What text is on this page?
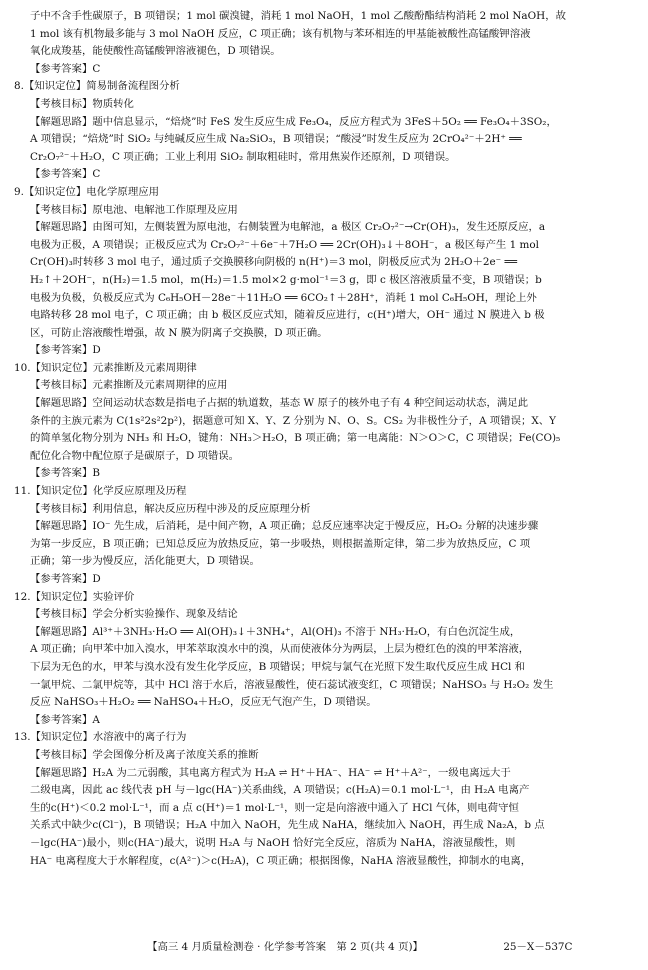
子中不含手性碳原子，B 项错误；1 mol 碳溴键，消耗 1 mol NaOH，1 mol 乙酸酚酯结构消耗 2 mol NaOH，故
1 mol 该有机物最多能与 3 mol NaOH 反应，C 项正确；该有机物与苯环相连的甲基能被酸性高锰酸钾溶液
氧化成羧基，能使酸性高锰酸钾溶液褪色，D 项错误。
【参考答案】C
8.【知识定位】简易制备流程图分析
【考核目标】物质转化
【解题思路】题中信息显示，“焙烧”时 FeS 发生反应生成 Fe₃O₄，反应方程式为 3FeS＋5O₂ ══ Fe₃O₄＋3SO₂，
A 项错误；“焙烧”时 SiO₂ 与纯碱反应生成 Na₂SiO₃，B 项错误；“酸浸”时发生反应为 2CrO₄²⁻＋2H⁺ ══
Cr₂O₇²⁻＋H₂O，C 项正确；工业上利用 SiO₂ 制取粗硅时，常用焦炭作还原剂，D 项错误。
【参考答案】C
9.【知识定位】电化学原理应用
【考核目标】原电池、电解池工作原理及应用
【解题思路】由图可知，左侧装置为原电池，右侧装置为电解池，a 极区 Cr₂O₇²⁻→Cr(OH)₃，发生还原反应，a
电极为正极，A 项错误；正极反应式为 Cr₂O₇²⁻＋6e⁻＋7H₂O ══ 2Cr(OH)₃↓＋8OH⁻，a 极区每产生 1 mol
Cr(OH)₃时转移 3 mol 电子，通过质子交换膜移向阴极的 n(H⁺)＝3 mol，阴极反应式为 2H₂O＋2e⁻ ══
H₂↑＋2OH⁻，n(H₂)＝1.5 mol，m(H₂)＝1.5 mol×2 g·mol⁻¹＝3 g，即 c 极区溶液质量不变，B 项错误；b
电极为负极，负极反应式为 C₆H₅OH－28e⁻＋11H₂O ══ 6CO₂↑＋28H⁺，消耗 1 mol C₆H₅OH，理论上外
电路转移 28 mol 电子，C 项正确；由 b 极区反应式知，随着反应进行，c(H⁺)增大，OH⁻ 通过 N 膜进入 b 极
区，可防止溶液酸性增强，故 N 膜为阴离子交换膜，D 项正确。
【参考答案】D
10.【知识定位】元素推断及元素周期律
【考核目标】元素推断及元素周期律的应用
【解题思路】空间运动状态数是指电子占据的轨道数，基态 W 原子的核外电子有 4 种空间运动状态，满足此
条件的主族元素为 C(1s²2s²2p²)，据题意可知 X、Y、Z 分别为 N、O、S。CS₂ 为非极性分子，A 项错误；X、Y
的简单氢化物分别为 NH₃ 和 H₂O，键角：NH₃＞H₂O，B 项正确；第一电离能：N＞O＞C，C 项错误；Fe(CO)₅
配位化合物中配位原子是碳原子，D 项错误。
【参考答案】B
11.【知识定位】化学反应原理及历程
【考核目标】利用信息，解决反应历程中涉及的反应原理分析
【解题思路】IO⁻ 先生成，后消耗，是中间产物，A 项正确；总反应速率决定于慢反应，H₂O₂ 分解的决速步骤
为第一步反应，B 项正确；已知总反应为放热反应，第一步吸热，则根据盖斯定律，第二步为放热反应，C 项
正确；第一步为慢反应，活化能更大，D 项错误。
【参考答案】D
12.【知识定位】实验评价
【考核目标】学会分析实验操作、现象及结论
【解题思路】Al³⁺＋3NH₃·H₂O ══ Al(OH)₃↓＋3NH₄⁺，Al(OH)₃ 不溶于 NH₃·H₂O，有白色沉淀生成，
A 项正确；向甲苯中加入溴水，甲苯萃取溴水中的溴，从而使液体分为两层，上层为橙红色的溴的甲苯溶液，
下层为无色的水，甲苯与溴水没有发生化学反应，B 项错误；甲烷与氯气在光照下发生取代反应生成 HCl 和
一氯甲烷、二氯甲烷等，其中 HCl 溶于水后，溶液显酸性，使石蕊试液变红，C 项错误；NaHSO₃ 与 H₂O₂ 发生
反应 NaHSO₃＋H₂O₂ ══ NaHSO₄＋H₂O，反应无气泡产生，D 项错误。
【参考答案】A
13.【知识定位】水溶液中的离子行为
【考核目标】学会图像分析及离子浓度关系的推断
【解题思路】H₂A 为二元弱酸，其电离方程式为 H₂A ⇌ H⁺＋HA⁻、HA⁻ ⇌ H⁺＋A²⁻，一级电离远大于
二级电离，因此 ac 线代表 pH 与－lgc(HA⁻)关系曲线，A 项错误；c(H₂A)＝0.1 mol·L⁻¹，由 H₂A 电离产
生的c(H⁺)＜0.2 mol·L⁻¹，而 a 点 c(H⁺)＝1 mol·L⁻¹，则一定是向溶液中通入了 HCl 气体，则电荷守恒
关系式中缺少c(Cl⁻)，B 项错误；H₂A 中加入 NaOH，先生成 NaHA，继续加入 NaOH，再生成 Na₂A，b 点
－lgc(HA⁻)最小，则c(HA⁻)最大，说明 H₂A 与 NaOH 恰好完全反应，溶质为 NaHA，溶液显酸性，则
HA⁻ 电离程度大于水解程度，c(A²⁻)＞c(H₂A)，C 项正确；根据图像，NaHA 溶液显酸性，抑制水的电离，
【高三 4 月质量检测卷 · 化学参考答案　第 2 页(共 4 页)】	25－X－537C
